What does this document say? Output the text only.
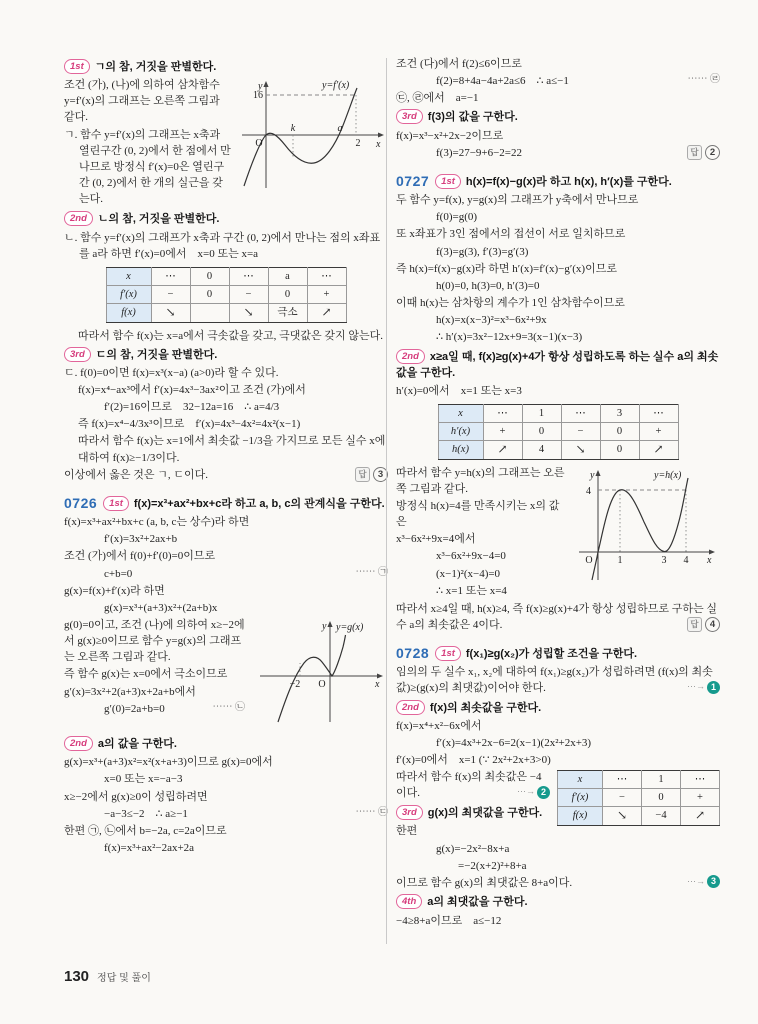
1st ㄱ의 참, 거짓을 판별한다.
y
16
O
k	a
2 x
y=f′(x)
조건 (가), (나)에 의하여 삼차함수 y=f′(x)의 그래프는 오른쪽 그림과 같다.
ㄱ. 함수 y=f′(x)의 그래프는 x축과 열린구간 (0, 2)에서 한 점에서 만나므로 방정식 f′(x)=0은 열린구간 (0, 2)에서 한 개의 실근을 갖는다.
2nd ㄴ의 참, 거짓을 판별한다.
ㄴ. 함수 y=f′(x)의 그래프가 x축과 구간 (0, 2)에서 만나는 점의 x좌표를 a라 하면 f′(x)=0에서 x=0 또는 x=a
x	⋯	0	⋯	a	⋯
f′(x)	−	0	−	0	+
f(x)	↘		↘	극소	↗
따라서 함수 f(x)는 x=a에서 극솟값을 갖고, 극댓값은 갖지 않는다.
3rd ㄷ의 참, 거짓을 판별한다.
ㄷ. f(0)=0이면 f(x)=x³(x−a) (a>0)라 할 수 있다.
f(x)=x⁴−ax³에서 f′(x)=4x³−3ax²이고 조건 (가)에서
f′(2)=16이므로 32−12a=16 ∴ a=4/3
즉 f(x)=x⁴−4/3x³이므로 f′(x)=4x³−4x²=4x²(x−1)
따라서 함수 f(x)는 x=1에서 최솟값 −1/3을 가지므로 모든 실수 x에 대하여 f(x)≥−1/3이다.
이상에서 옳은 것은 ㄱ, ㄷ이다.	답	3
0726 1st f(x)=x³+ax²+bx+c라 하고 a, b, c의 관계식을 구한다.
f(x)=x³+ax²+bx+c (a, b, c는 상수)라 하면
f′(x)=3x²+2ax+b
조건 (가)에서 f(0)+f′(0)=0이므로
c+b=0	⋯⋯ ㉠
g(x)=f(x)+f′(x)라 하면
g(x)=x³+(a+3)x²+(2a+b)x
−2 O	x
y y=g(x)
g(0)=0이고, 조건 (나)에 의하여 x≥−2에서 g(x)≥0이므로 함수 y=g(x)의 그래프는 오른쪽 그림과 같다.
즉 함수 g(x)는 x=0에서 극소이므로
g′(x)=3x²+2(a+3)x+2a+b에서
g′(0)=2a+b=0	⋯⋯ ㉡
2nd a의 값을 구한다.
g(x)=x³+(a+3)x²=x²(x+a+3)이므로 g(x)=0에서
x=0 또는 x=−a−3
x≥−2에서 g(x)≥0이 성립하려면
−a−3≤−2 ∴ a≥−1	⋯⋯ ㉢
한편 ㉠, ㉡에서 b=−2a, c=2a이므로
f(x)=x³+ax²−2ax+2a
조건 (다)에서 f(2)≤6이므로
f(2)=8+4a−4a+2a≤6 ∴ a≤−1	⋯⋯ ㉣
㉢, ㉣에서 a=−1
3rd f(3)의 값을 구한다.
f(x)=x³−x²+2x−2이므로
f(3)=27−9+6−2=22	답	2
0727 1st h(x)=f(x)−g(x)라 하고 h(x), h′(x)를 구한다.
두 함수 y=f(x), y=g(x)의 그래프가 y축에서 만나므로
f(0)=g(0)
또 x좌표가 3인 점에서의 접선이 서로 일치하므로
f(3)=g(3), f′(3)=g′(3)
즉 h(x)=f(x)−g(x)라 하면 h′(x)=f′(x)−g′(x)이므로
h(0)=0, h(3)=0, h′(3)=0
이때 h(x)는 삼차항의 계수가 1인 삼차함수이므로
h(x)=x(x−3)²=x³−6x²+9x
∴ h′(x)=3x²−12x+9=3(x−1)(x−3)
2nd x≥a일 때, f(x)≥g(x)+4가 항상 성립하도록 하는 실수 a의 최솟값을 구한다.
h′(x)=0에서 x=1 또는 x=3
x	⋯	1	⋯	3	⋯
h′(x)	+	0	−	0	+
h(x)	↗	4	↘	0	↗
4
y
O 1	3 4 x
y=h(x)
따라서 함수 y=h(x)의 그래프는 오른쪽 그림과 같다.
방정식 h(x)=4를 만족시키는 x의 값은
x³−6x²+9x=4에서
x³−6x²+9x−4=0
(x−1)²(x−4)=0
∴ x=1 또는 x=4
따라서 x≥4일 때, h(x)≥4, 즉 f(x)≥g(x)+4가 항상 성립하므로 구하는 실수 a의 최솟값은 4이다.	답	4
0728 1st f(x₁)≥g(x₂)가 성립할 조건을 구한다.
임의의 두 실수 x₁, x₂에 대하여 f(x₁)≥g(x₂)가 성립하려면 (f(x)의 최솟값)≥(g(x)의 최댓값)이어야 한다.	⋯→ 1
2nd f(x)의 최솟값을 구한다.
f(x)=x⁴+x²−6x에서
f′(x)=4x³+2x−6=2(x−1)(2x²+2x+3)
f′(x)=0에서 x=1 (∵ 2x²+2x+3>0)
x	⋯	1	⋯
f′(x)	−	0	+
f(x)	↘	−4	↗
따라서 함수 f(x)의 최솟값은 −4이다.	⋯→ 2
3rd g(x)의 최댓값을 구한다.
한편
g(x)=−2x²−8x+a
=−2(x+2)²+8+a
이므로 함수 g(x)의 최댓값은 8+a이다.	⋯→ 3
4th a의 최댓값을 구한다.
−4≥8+a이므로 a≤−12
130 정답 및 풀이
